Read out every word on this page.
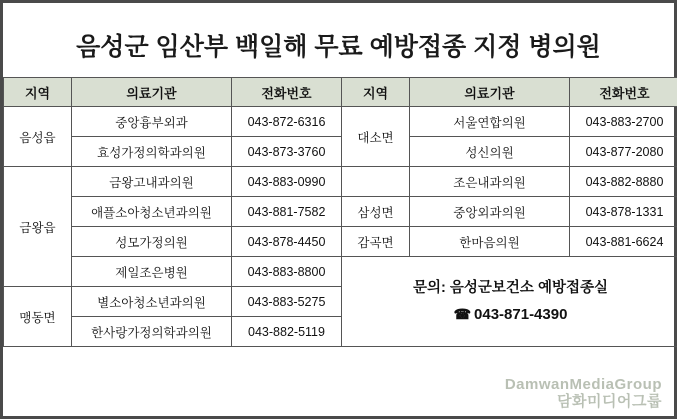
음성군 임산부 백일해 무료 예방접종 지정 병의원
지역	의료기관	전화번호	지역	의료기관	전화번호
음성읍	중앙흉부외과	043-872-6316	대소면	서울연합의원	043-883-2700
	효성가정의학과의원	043-873-3760		성신의원	043-877-2080
금왕읍	금왕고내과의원	043-883-0990		조은내과의원	043-882-8880
	애플소아청소년과의원	043-881-7582	삼성면	중앙외과의원	043-878-1331
	성모가정의원	043-878-4450	감곡면	한마음의원	043-881-6624
	제일조은병원	043-883-8800	문의: 음성군보건소 예방접종실
☎ 043-871-4390		

맹동면	별소아청소년과의원	043-883-5275			
	한사랑가정의학과의원	043-882-5119			
DamwanMediaGroup
담화미디어그룹
